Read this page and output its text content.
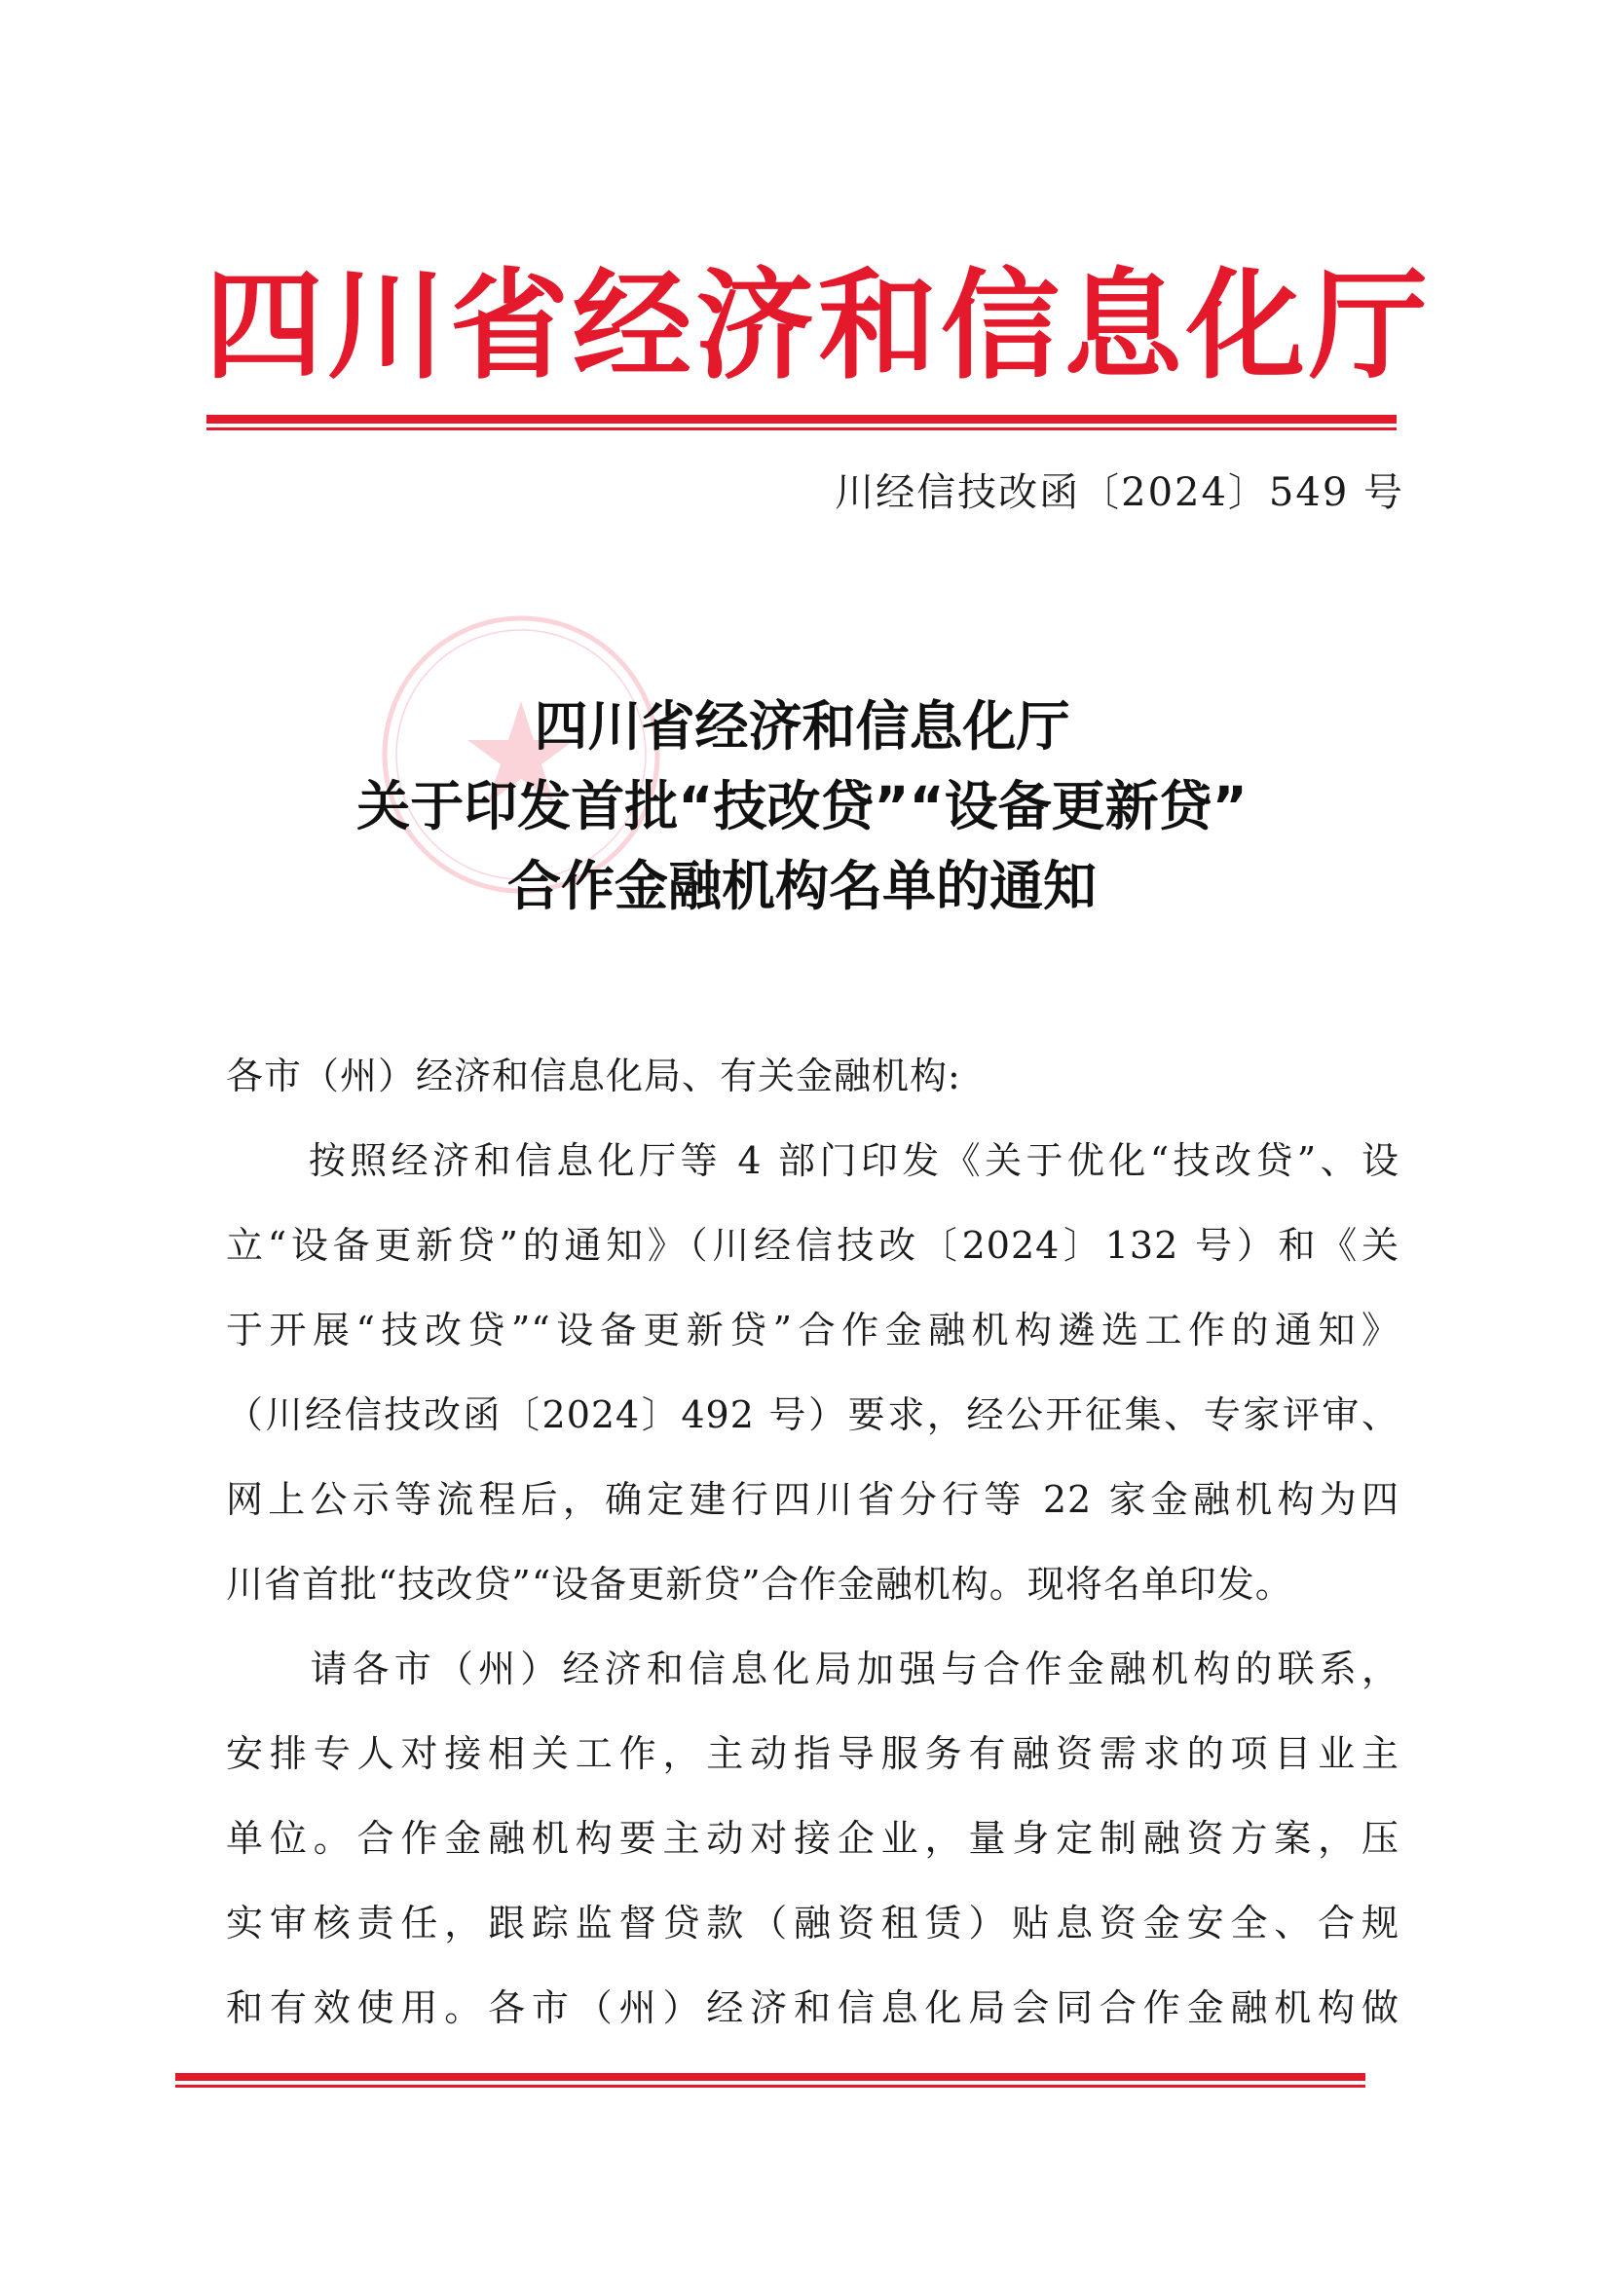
四川省经济和信息化厅
川经信技改函〔2024〕549 号
四川省经济和信息化厅
关于印发首批“技改贷”“设备更新贷”
合作金融机构名单的通知
各市（州）经济和信息化局、有关金融机构:
　　按照经济和信息化厅等 4 部门印发《关于优化“技改贷”、设
立“设备更新贷”的通知》（川经信技改〔2024〕132 号）和《关
于开展“技改贷”“设备更新贷”合作金融机构遴选工作的通知》
（川经信技改函〔2024〕492 号）要求，经公开征集、专家评审、
网上公示等流程后，确定建行四川省分行等 22 家金融机构为四
川省首批“技改贷”“设备更新贷”合作金融机构。现将名单印发。
　　请各市（州）经济和信息化局加强与合作金融机构的联系，
安排专人对接相关工作，主动指导服务有融资需求的项目业主
单位。合作金融机构要主动对接企业，量身定制融资方案，压
实审核责任，跟踪监督贷款（融资租赁）贴息资金安全、合规
和有效使用。各市（州）经济和信息化局会同合作金融机构做
